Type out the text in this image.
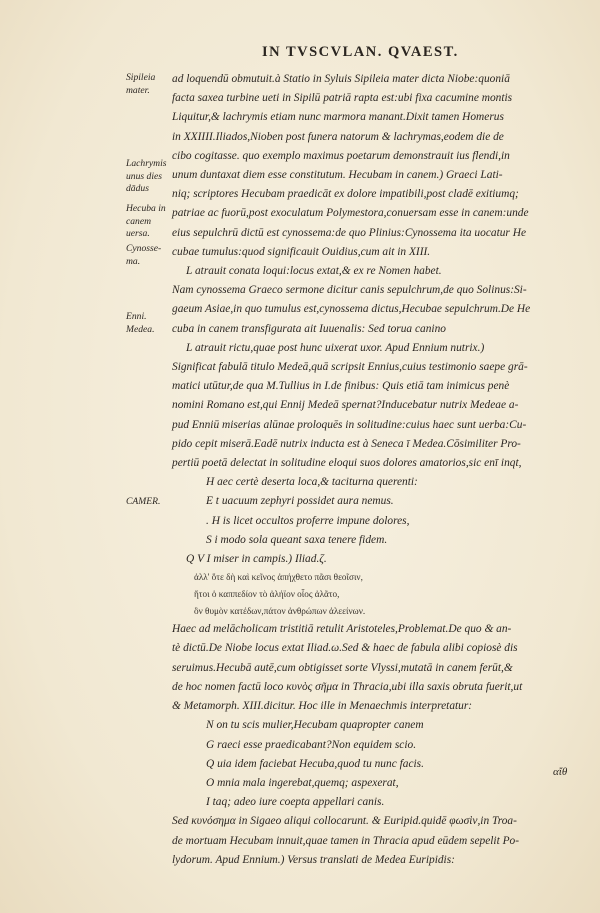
IN TVSCVLAN. QVAEST.
Sipileia mater.
Lachrymis unus dies dādus
Hecuba in canem uersa.
Cynosse-ma.
Enni. Medea.
CAMER.
ad loquendū obmutuit.à Statio in Syluis Sipileia mater dicta Niobe:quoniā
facta saxea turbine ueti in Sipilū patriā rapta est:ubi fixa cacumine montis
Liquitur,& lachrymis etiam nunc marmora manant.Dixit tamen Homerus
in XXIIII.Iliados,Nioben post funera natorum & lachrymas,eodem die de
cibo cogitasse. quo exemplo maximus poetarum demonstrauit ius flendi,in
unum duntaxat diem esse constitutum. Hecubam in canem.) Graeci Lati-
niq; scriptores Hecubam praedicāt ex dolore impatibili,post cladē exitiumq;
patriae ac fuorū,post exoculatum Polymestora,conuersam esse in canem:unde
eius sepulchrū dictū est cynossema:de quo Plinius:Cynossema ita uocatur He
cubae tumulus:quod significauit Ouidius,cum ait in XIII.
L atrauit conata loqui:locus extat,& ex re Nomen habet.
Nam cynossema Graeco sermone dicitur canis sepulchrum,de quo Solinus:Si-
gaeum Asiae,in quo tumulus est,cynossema dictus,Hecubae sepulchrum.De He
cuba in canem transfigurata ait Iuuenalis: Sed torua canino
L atrauit rictu,quae post hunc uixerat uxor. Apud Ennium nutrix.)
Significat fabulā titulo Medeā,quā scripsit Ennius,cuius testimonio saepe grā-
matici utūtur,de qua M.Tullius in I.de finibus: Quis etiā tam inimicus penè
nomini Romano est,qui Ennij Medeā spernat?Inducebatur nutrix Medeae a-
pud Enniū miserias alūnae proloquēs in solitudine:cuius haec sunt uerba:Cu-
pido cepit miserā.Eadē nutrix inducta est à Seneca ī Medea.Cōsimiliter Pro-
pertiū poetā delectat in solitudine eloqui suos dolores amatorios,sic enī inqt,
H aec certè deserta loca,& taciturna querenti:
E t uacuum zephyri possidet aura nemus.
. H is licet occultos proferre impune dolores,
S i modo sola queant saxa tenere fidem.
Q V I miser in campis.) Iliad.ζ.
ἀλλ' ὅτε δὴ καὶ κεῖνος ἀπήχθετο πᾶσι θεοῖσιν,
ἤτοι ὁ καππεδίον τὸ ἀλήϊον οἶος ἀλᾶτο,
ὃν θυμὸν κατέδων,πάτον ἀνθρώπων ἀλεείνων.
Haec ad melācholicam tristitiā retulit Aristoteles,Problemat.De quo & an-
tè dictū.De Niobe locus extat Iliad.ω.Sed & haec de fabula alibi copiosè dis
seruimus.Hecubā autē,cum obtigisset sorte Vlyssi,mutatā in canem ferūt,&
de hoc nomen factū loco κυνὸς σῆμα in Thracia,ubi illa saxis obruta fuerit,ut
& Metamorph. XIII.dicitur. Hoc ille in Menaechmis interpretatur:
N on tu scis mulier,Hecubam quapropter canem
G raeci esse praedicabant?Non equidem scio.
Q uia idem faciebat Hecuba,quod tu nunc facis.
O mnia mala ingerebat,quemq; aspexerat,
I taq; adeo iure coepta appellari canis.
Sed κυνόσημα in Sigaeo aliqui collocarunt. & Euripid.quidē φωσὶν,in Troa-
de mortuam Hecubam innuit,quae tamen in Thracia apud eūdem sepelit Po-
lydorum. Apud Ennium.) Versus translati de Medea Euripidis:
αἴθ
